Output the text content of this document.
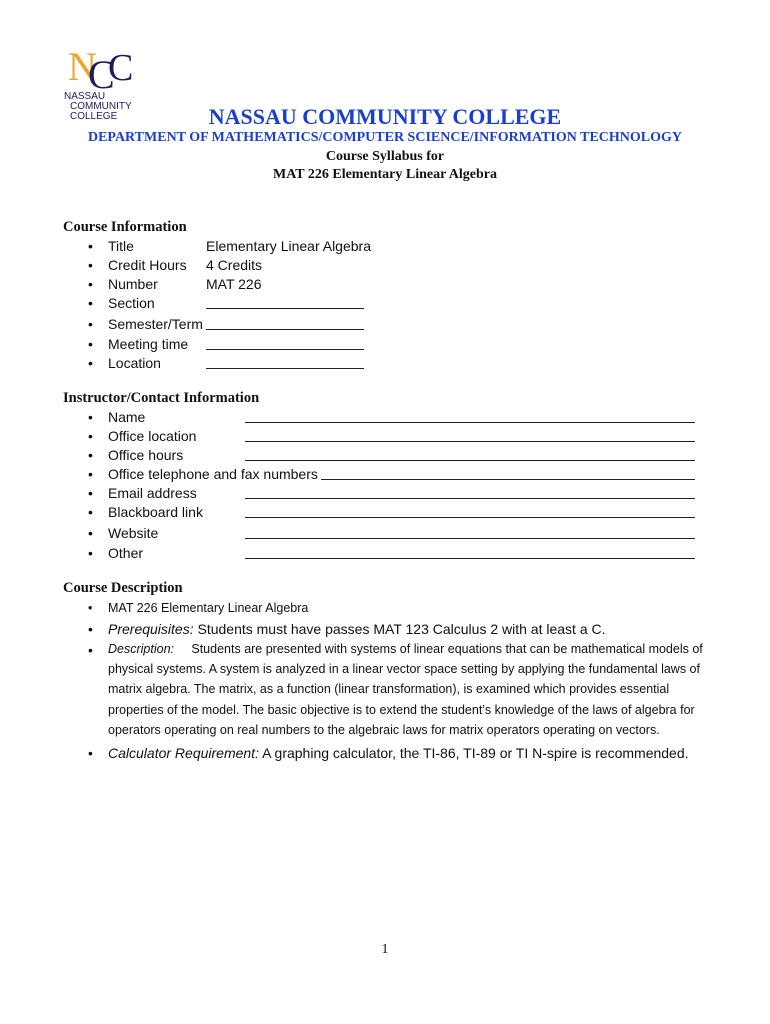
N
C
C
NASSAU
COMMUNITY
COLLEGE	NASSAU COMMUNITY COLLEGE
DEPARTMENT OF MATHEMATICS/COMPUTER SCIENCE/INFORMATION TECHNOLOGY
Course Syllabus for
MAT 226 Elementary Linear Algebra
Course Information
• Title	Elementary Linear Algebra
• Credit Hours 4 Credits
• Number	MAT 226
• Section
• Semester/Term
• Meeting time
• Location
Instructor/Contact Information
• Name
• Office location
• Office hours
• Office telephone and fax numbers
• Email address
• Blackboard link
• Website
• Other
Course Description
• MAT 226 Elementary Linear Algebra
• Prerequisites: Students must have passes MAT 123 Calculus 2 with at least a C.
• Description: Students are presented with systems of linear equations that can be mathematical models of physical systems. A system is analyzed in a linear vector space setting by applying the fundamental laws of matrix algebra. The matrix, as a function (linear transformation), is examined which provides essential properties of the model. The basic objective is to extend the student’s knowledge of the laws of algebra for operators operating on real numbers to the algebraic laws for matrix operators operating on vectors.
• Calculator Requirement: A graphing calculator, the TI-86, TI-89 or TI N-spire is recommended.
1
